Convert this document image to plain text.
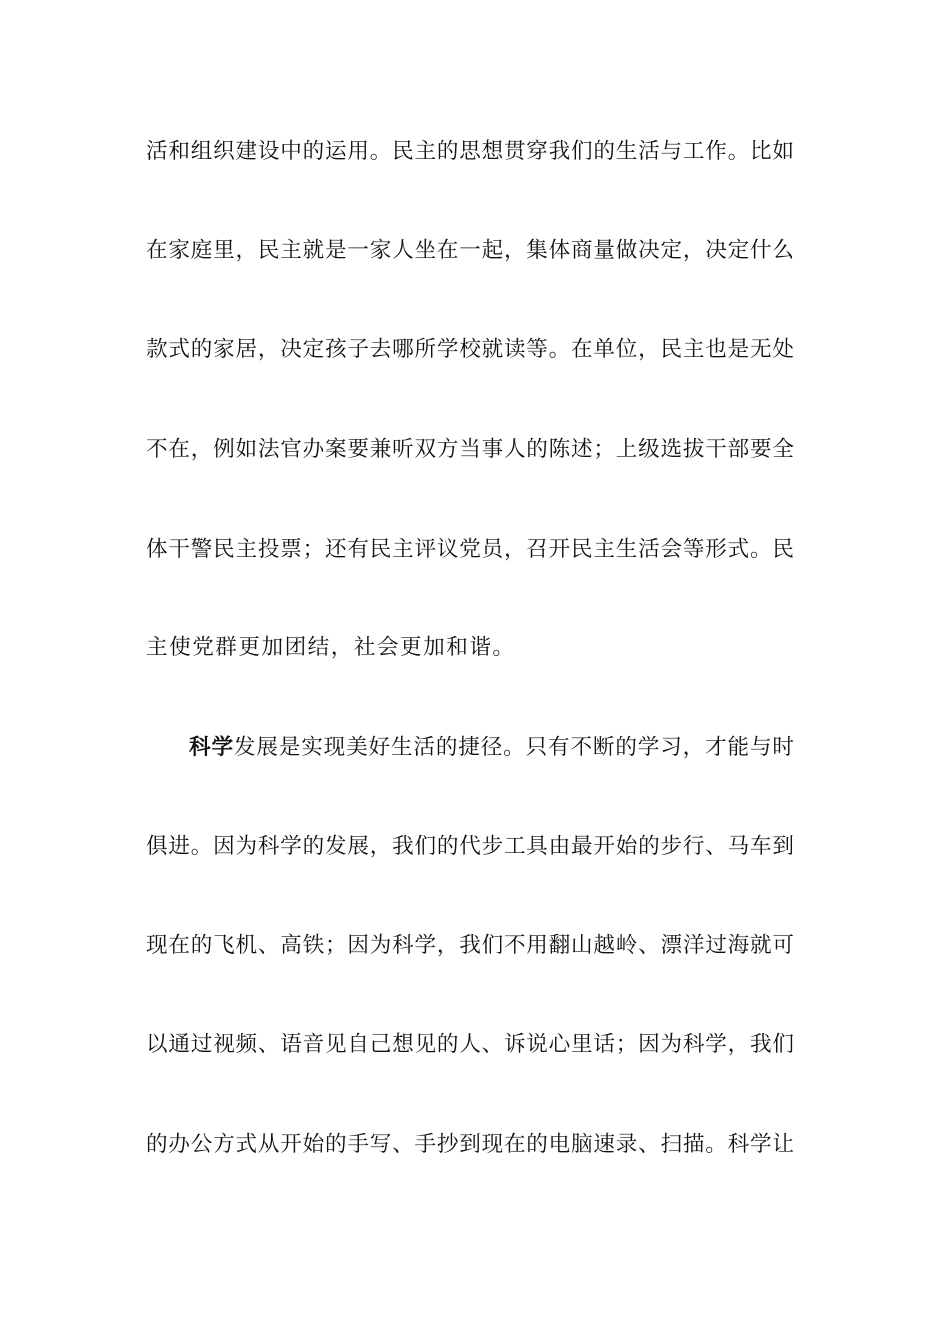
活和组织建设中的运用。民主的思想贯穿我们的生活与工作。比如
在家庭里，民主就是一家人坐在一起，集体商量做决定，决定什么
款式的家居，决定孩子去哪所学校就读等。在单位，民主也是无处
不在，例如法官办案要兼听双方当事人的陈述；上级选拔干部要全
体干警民主投票；还有民主评议党员，召开民主生活会等形式。民
主使党群更加团结，社会更加和谐。
科学发展是实现美好生活的捷径。只有不断的学习，才能与时
俱进。因为科学的发展，我们的代步工具由最开始的步行、马车到
现在的飞机、高铁；因为科学，我们不用翻山越岭、漂洋过海就可
以通过视频、语音见自己想见的人、诉说心里话；因为科学，我们
的办公方式从开始的手写、手抄到现在的电脑速录、扫描。科学让
